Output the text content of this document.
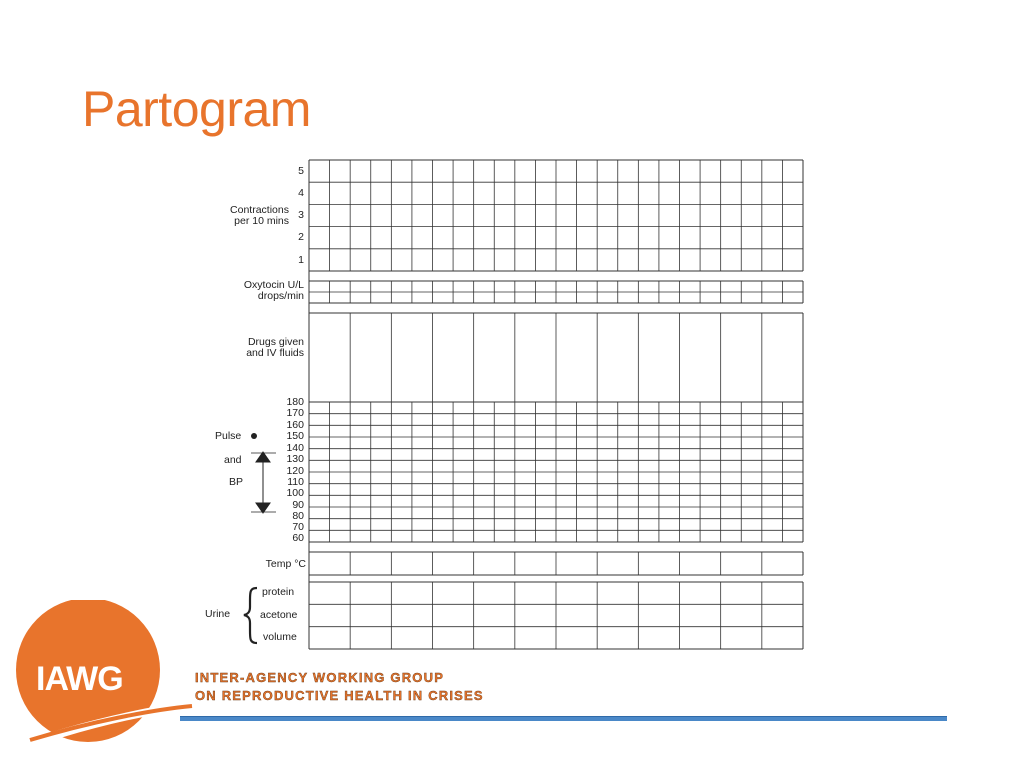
Partogram
Contractions
per 10 mins
5
4
3
2
1
Oxytocin U/L
drops/min
Drugs given
and IV fluids
Pulse
and
BP
180
170
160
150
140
130
120
110
100
90
80
70
60
Temp °C
Urine
protein
acetone
volume
IAWG	INTER-AGENCY WORKING GROUP
ON REPRODUCTIVE HEALTH IN CRISES
